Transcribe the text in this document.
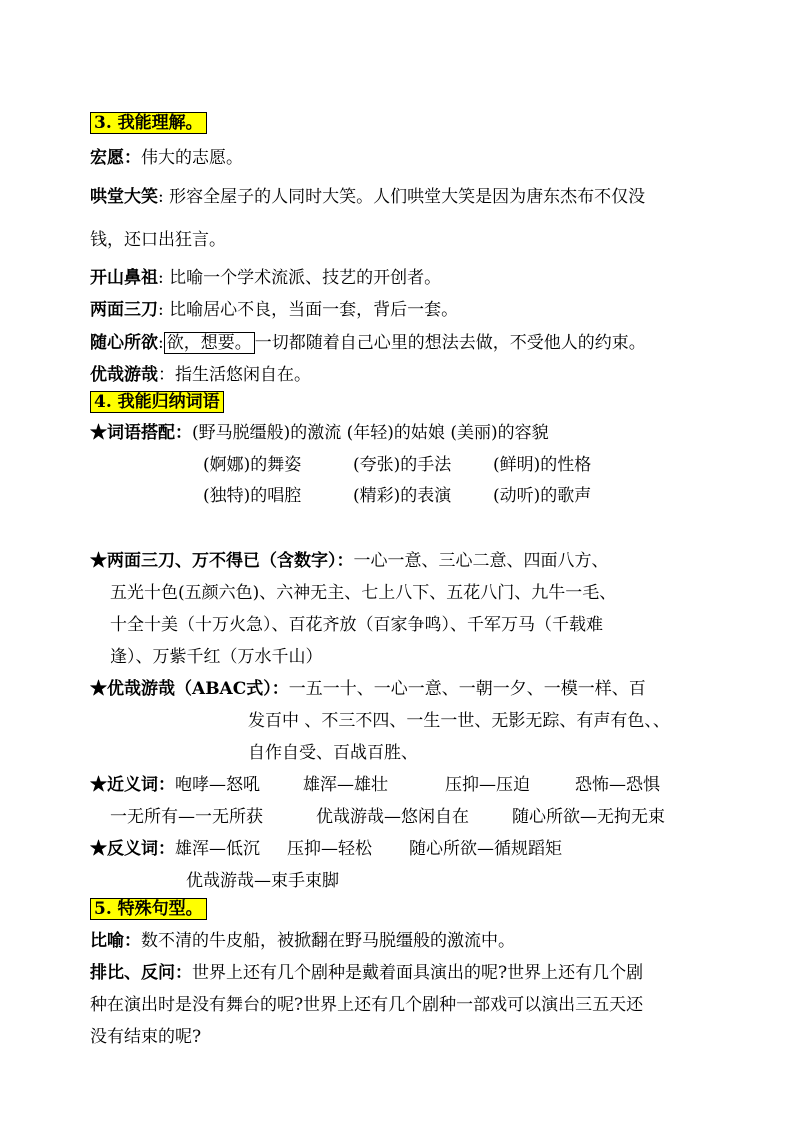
3. 我能理解。
宏愿：伟大的志愿。
哄堂大笑: 形容全屋子的人同时大笑。人们哄堂大笑是因为唐东杰布不仅没
钱，还口出狂言。
开山鼻祖: 比喻一个学术流派、技艺的开创者。
两面三刀: 比喻居心不良，当面一套，背后一套。
随心所欲: 欲，想要。 一切都随着自己心里的想法去做，不受他人的约束。
优哉游哉：指生活悠闲自在。
4. 我能归纳词语
★词语搭配：(野马脱缰般)的激流 (年轻)的姑娘 (美丽)的容貌
(婀娜)的舞姿	(夸张)的手法 (鲜明)的性格
(独特)的唱腔	(精彩)的表演 (动听)的歌声
★两面三刀、万不得已（含数字）：一心一意、三心二意、四面八方、
五光十色(五颜六色)、六神无主、七上八下、五花八门、九牛一毛、
十全十美（十万火急）、百花齐放（百家争鸣）、千军万马（千载难
逢）、万紫千红（万水千山）
★优哉游哉（ABAC式）：一五一十、一心一意、一朝一夕、一模一样、百
发百中 、不三不四、一生一世、无影无踪、有声有色、、
自作自受、百战百胜、
★近义词：咆哮—怒吼	雄浑—雄壮	压抑—压迫	恐怖—恐惧
一无所有—一无所获	优哉游哉—悠闲自在	随心所欲—无拘无束
★反义词：雄浑—低沉 压抑—轻松 随心所欲—循规蹈矩
优哉游哉—束手束脚
5. 特殊句型。
比喻：数不清的牛皮船，被掀翻在野马脱缰般的激流中。
排比、反问：世界上还有几个剧种是戴着面具演出的呢?世界上还有几个剧
种在演出时是没有舞台的呢?世界上还有几个剧种一部戏可以演出三五天还
没有结束的呢?
